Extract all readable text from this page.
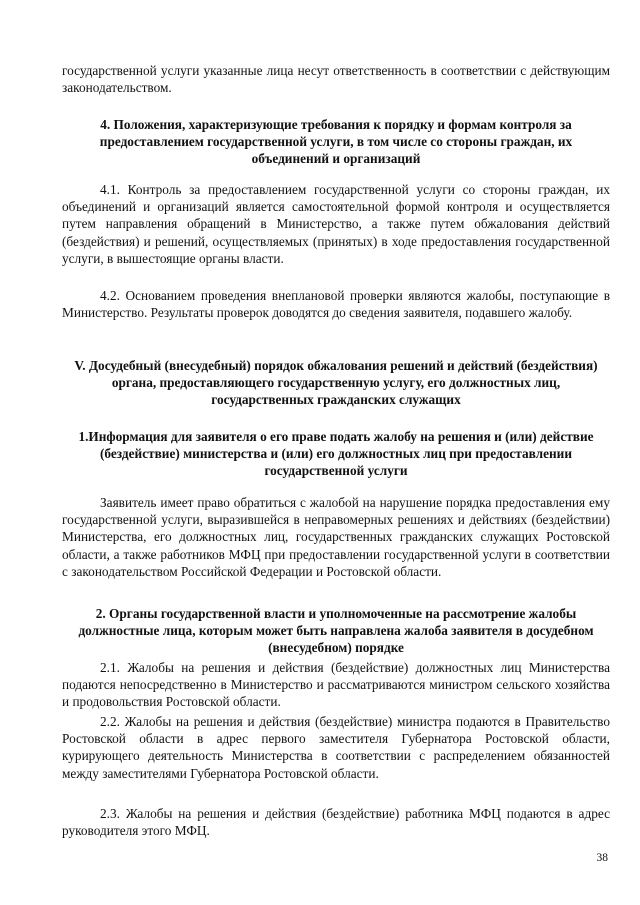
государственной услуги указанные лица несут ответственность в соответствии с действующим законодательством.

4. Положения, характеризующие требования к порядку и формам контроля за предоставлением государственной услуги, в том числе со стороны граждан, их объединений и организаций

4.1. Контроль за предоставлением государственной услуги со стороны граждан, их объединений и организаций является самостоятельной формой контроля и осуществляется путем направления обращений в Министерство, а также путем обжалования действий (бездействия) и решений, осуществляемых (принятых) в ходе предоставления государственной услуги, в вышестоящие органы власти.

4.2. Основанием проведения внеплановой проверки являются жалобы, поступающие в Министерство. Результаты проверок доводятся до сведения заявителя, подавшего жалобу.

V. Досудебный (внесудебный) порядок обжалования решений и действий (бездействия) органа, предоставляющего государственную услугу, его должностных лиц, государственных гражданских служащих

1.Информация для заявителя о его праве подать жалобу на решения и (или) действие (бездействие) министерства и (или) его должностных лиц при предоставлении государственной услуги

Заявитель имеет право обратиться с жалобой на нарушение порядка предоставления ему государственной услуги, выразившейся в неправомерных решениях и действиях (бездействии) Министерства, его должностных лиц, государственных гражданских служащих Ростовской области, а также работников МФЦ при предоставлении государственной услуги в соответствии с законодательством Российской Федерации и Ростовской области.

2. Органы государственной власти и уполномоченные на рассмотрение жалобы должностные лица, которым может быть направлена жалоба заявителя в досудебном (внесудебном) порядке

2.1. Жалобы на решения и действия (бездействие) должностных лиц Министерства подаются непосредственно в Министерство и рассматриваются министром сельского хозяйства и продовольствия Ростовской области.

2.2. Жалобы на решения и действия (бездействие) министра подаются в Правительство Ростовской области в адрес первого заместителя Губернатора Ростовской области, курирующего деятельность Министерства в соответствии с распределением обязанностей между заместителями Губернатора Ростовской области.

2.3. Жалобы на решения и действия (бездействие) работника МФЦ подаются в адрес руководителя этого МФЦ.

38
